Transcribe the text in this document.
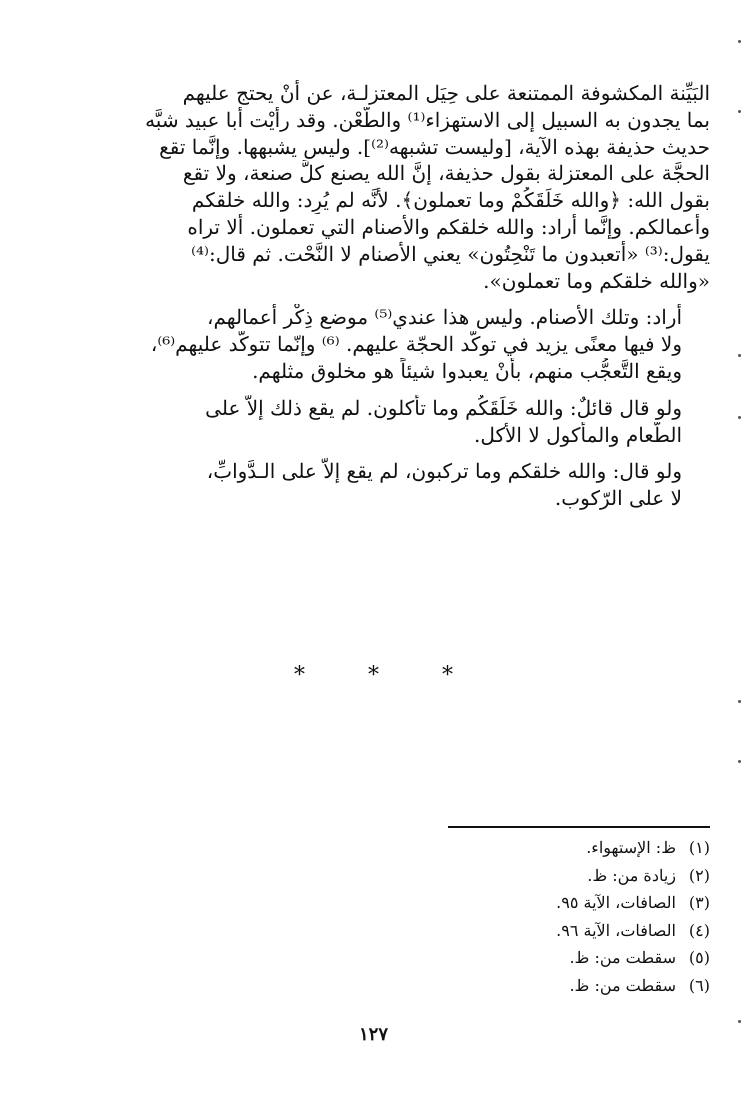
البَيِّنة المكشوفة الممتنعة على حِيَل المعتزلـة، عن أنْ يحتج عليهم
بما يجدون به السبيل إلى الاستهزاء⁽¹⁾ والطَّعْن. وقد رأيْت أبا عبيد شبَّه
حديث حذيفة بهذه الآية، [وليست تشبهه⁽²⁾]. وليس يشبهها. وإنَّما تقع
الحجَّة على المعتزلة بقول حذيفة، إنَّ الله يصنع كلَّ صنعة، ولا تقع
بقول الله: ﴿والله خَلَقَكُمْ وما تعملون﴾. لأنَّه لم يُرِد: والله خلقكم
وأعمالكم. وإنَّما أراد: والله خلقكم والأصنام التي تعملون. ألا تراه
يقول:⁽³⁾ «أتعبدون ما تَنْحِتُون» يعني الأصنام لا النَّحْت. ثم قال:⁽⁴⁾
«والله خلقكم وما تعملون».

أراد: وتلك الأصنام. وليس هذا عندي⁽⁵⁾ موضع ذِكْر أعمالهم،
ولا فيها معنًى يزيد في توكّد الحجّة عليهم. ⁽⁶⁾ وإنّما تتوكّد عليهم⁽⁶⁾،
ويقع التَّعجُّب منهم، بأنْ يعبدوا شيئاً هو مخلوق مثلهم.

ولو قال قائلٌ: والله خَلَقَكُم وما تأكلون. لم يقع ذلك إلاَّ على
الطَّعام والمأكول لا الأكل.

ولو قال: والله خلقكم وما تركبون، لم يقع إلاَّ على الـدَّوابِّ،
لا على الرّكوب.

* * *
(١)
ظ: الإستهواء.
(٢)
زيادة من: ظ.
(٣)
الصافات، الآية ٩٥.
(٤)
الصافات، الآية ٩٦.
(٥)
سقطت من: ظ.
(٦)
سقطت من: ظ.
١٢٧
